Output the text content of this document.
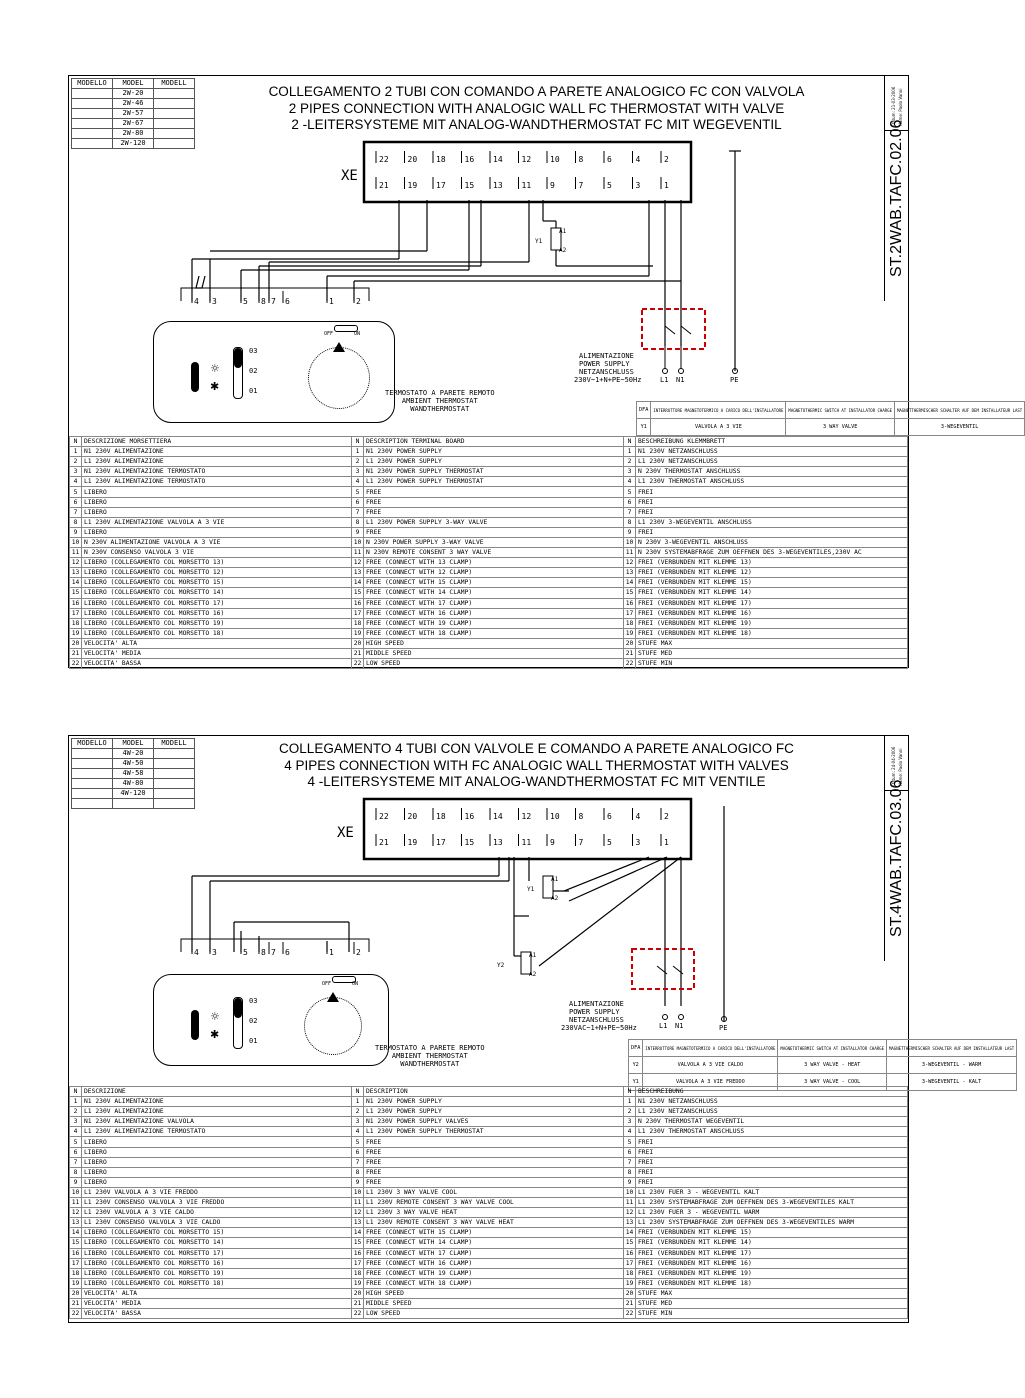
MODELLO	MODEL	MODELL
	2W-20	
	2W-46	
	2W-57	
	2W-67	
	2W-80	
	2W-120	
COLLEGAMENTO 2 TUBI CON COMANDO A PARETE ANALOGICO FC CON VALVOLA
2 PIPES CONNECTION WITH ANALOGIC WALL FC THERMOSTAT WITH VALVE
2 -LEITERSYSTEME MIT ANALOG-WANDTHERMOSTAT FC MIT WEGEVENTIL	Datum: 21-03-2006 Name: Paolo Vanni
ST.2WAB.TAFC.02.06
XE
22 20 18 16 14 12 10 8	6	4	2
21 19 17 15 13 11 9	7	5	3	1
Y1
A1
A2
ALIMENTAZIONE
POWER SUPPLY
NETZANSCHLUSS
230V~1+N+PE~50Hz	L1 N1	PE
4 3	5 8 7 6	1	2
☼
✱
03
02
01
OFF	ON
TERMOSTATO A PARETE REMOTO
AMBIENT THERMOSTAT
WANDTHERMOSTAT	DFA	INTERRUTTORE MAGNETOTERMICO A CARICO DELL'INSTALLATORE	MAGNETOTHERMIC SWITCH AT INSTALLATOR CHARGE	MAGNETTHERMISCHER SCHALTER AUF DEM INSTALLATEUR LAST
Y1	VALVOLA A 3 VIE	3 WAY VALVE	3-WEGEVENTIL
N	DESCRIZIONE MORSETTIERA	N	DESCRIPTION TERMINAL BOARD	N	BESCHREIBUNG KLEMMBRETT
1	N1 230V ALIMENTAZIONE	1	N1 230V POWER SUPPLY	1	N1 230V NETZANSCHLUSS
2	L1 230V ALIMENTAZIONE	2	L1 230V POWER SUPPLY	2	L1 230V NETZANSCHLUSS
3	N1 230V ALIMENTAZIONE TERMOSTATO	3	N1 230V POWER SUPPLY THERMOSTAT	3	N 230V THERMOSTAT ANSCHLUSS
4	L1 230V ALIMENTAZIONE TERMOSTATO	4	L1 230V POWER SUPPLY THERMOSTAT	4	L1 230V THERMOSTAT ANSCHLUSS
5	LIBERO	5	FREE	5	FREI
6	LIBERO	6	FREE	6	FREI
7	LIBERO	7	FREE	7	FREI
8	L1 230V ALIMENTAZIONE VALVOLA A 3 VIE	8	L1 230V POWER SUPPLY 3-WAY VALVE	8	L1 230V 3-WEGEVENTIL ANSCHLUSS
9	LIBERO	9	FREE	9	FREI
10	N 230V ALIMENTAZIONE VALVOLA A 3 VIE	10	N 230V POWER SUPPLY 3-WAY VALVE	10	N 230V 3-WEGEVENTIL ANSCHLUSS
11	N 230V CONSENSO VALVOLA 3 VIE	11	N 230V REMOTE CONSENT 3 WAY VALVE	11	N 230V SYSTEMABFRAGE ZUM OEFFNEN DES 3-WEGEVENTILES,230V AC
12	LIBERO (COLLEGAMENTO COL MORSETTO 13)	12	FREE (CONNECT WITH 13 CLAMP)	12	FREI (VERBUNDEN MIT KLEMME 13)
13	LIBERO (COLLEGAMENTO COL MORSETTO 12)	13	FREE (CONNECT WITH 12 CLAMP)	13	FREI (VERBUNDEN MIT KLEMME 12)
14	LIBERO (COLLEGAMENTO COL MORSETTO 15)	14	FREE (CONNECT WITH 15 CLAMP)	14	FREI (VERBUNDEN MIT KLEMME 15)
15	LIBERO (COLLEGAMENTO COL MORSETTO 14)	15	FREE (CONNECT WITH 14 CLAMP)	15	FREI (VERBUNDEN MIT KLEMME 14)
16	LIBERO (COLLEGAMENTO COL MORSETTO 17)	16	FREE (CONNECT WITH 17 CLAMP)	16	FREI (VERBUNDEN MIT KLEMME 17)
17	LIBERO (COLLEGAMENTO COL MORSETTO 16)	17	FREE (CONNECT WITH 16 CLAMP)	17	FREI (VERBUNDEN MIT KLEMME 16)
18	LIBERO (COLLEGAMENTO COL MORSETTO 19)	18	FREE (CONNECT WITH 19 CLAMP)	18	FREI (VERBUNDEN MIT KLEMME 19)
19	LIBERO (COLLEGAMENTO COL MORSETTO 18)	19	FREE (CONNECT WITH 18 CLAMP)	19	FREI (VERBUNDEN MIT KLEMME 18)
20	VELOCITA' ALTA	20	HIGH SPEED	20	STUFE MAX
21	VELOCITA' MEDIA	21	MIDDLE SPEED	21	STUFE MED
22	VELOCITA' BASSA	22	LOW SPEED	22	STUFE MIN
MODELLO	MODEL	MODELL
	4W-20	
	4W-50	
	4W-58	
	4W-80	
	4W-120	

COLLEGAMENTO 4 TUBI CON VALVOLE E COMANDO A PARETE ANALOGICO FC
4 PIPES CONNECTION WITH FC ANALOGIC WALL THERMOSTAT WITH VALVES
4 -LEITERSYSTEME MIT ANALOG-WANDTHERMOSTAT FC MIT VENTILE	Datum: 24-04-2006 Name: Paolo Vanni
ST.4WAB.TAFC.03.06
XE
22 20 18 16 14 12 10 8	6	4	2
21 19 17 15 13 11 9	7	5	3	1
Y1
A1
A2
Y2
A1
A2
ALIMENTAZIONE
POWER SUPPLY
NETZANSCHLUSS
230VAC~1+N+PE~50Hz	L1 N1	PE
4 3	5 8 7 6	1	2
☼
✱
03
02
01
OFF	ON
TERMOSTATO A PARETE REMOTO
AMBIENT THERMOSTAT
WANDTHERMOSTAT
DFA	INTERRUTTORE MAGNETOTERMICO A CARICO DELL'INSTALLATORE	MAGNETOTHERMIC SWITCH AT INSTALLATOR CHARGE	MAGNETTHERMISCHER SCHALTER AUF DEM INSTALLATEUR LAST
Y2	VALVOLA A 3 VIE CALDO	3 WAY VALVE - HEAT	3-WEGEVENTIL - WARM
Y1	VALVOLA A 3 VIE FREDDO	3 WAY VALVE - COOL	3-WEGEVENTIL - KALT
N	DESCRIZIONE	N	DESCRIPTION	N	BESCHREIBUNG
1	N1 230V ALIMENTAZIONE	1	N1 230V POWER SUPPLY	1	N1 230V NETZANSCHLUSS
2	L1 230V ALIMENTAZIONE	2	L1 230V POWER SUPPLY	2	L1 230V NETZANSCHLUSS
3	N1 230V ALIMENTAZIONE VALVOLA	3	N1 230V POWER SUPPLY VALVES	3	N 230V THERMOSTAT WEGEVENTIL
4	L1 230V ALIMENTAZIONE TERMOSTATO	4	L1 230V POWER SUPPLY THERMOSTAT	4	L1 230V THERMOSTAT ANSCHLUSS
5	LIBERO	5	FREE	5	FREI
6	LIBERO	6	FREE	6	FREI
7	LIBERO	7	FREE	7	FREI
8	LIBERO	8	FREE	8	FREI
9	LIBERO	9	FREE	9	FREI
10	L1 230V VALVOLA A 3 VIE FREDDO	10	L1 230V 3 WAY VALVE COOL	10	L1 230V FUER 3 - WEGEVENTIL KALT
11	L1 230V CONSENSO VALVOLA 3 VIE FREDDO	11	L1 230V REMOTE CONSENT 3 WAY VALVE COOL	11	L1 230V SYSTEMABFRAGE ZUM OEFFNEN DES 3-WEGEVENTILES KALT
12	L1 230V VALVOLA A 3 VIE CALDO	12	L1 230V 3 WAY VALVE HEAT	12	L1 230V FUER 3 - WEGEVENTIL WARM
13	L1 230V CONSENSO VALVOLA 3 VIE CALDO	13	L1 230V REMOTE CONSENT 3 WAY VALVE HEAT	13	L1 230V SYSTEMABFRAGE ZUM OEFFNEN DES 3-WEGEVENTILES WARM
14	LIBERO (COLLEGAMENTO COL MORSETTO 15)	14	FREE (CONNECT WITH 15 CLAMP)	14	FREI (VERBUNDEN MIT KLEMME 15)
15	LIBERO (COLLEGAMENTO COL MORSETTO 14)	15	FREE (CONNECT WITH 14 CLAMP)	15	FREI (VERBUNDEN MIT KLEMME 14)
16	LIBERO (COLLEGAMENTO COL MORSETTO 17)	16	FREE (CONNECT WITH 17 CLAMP)	16	FREI (VERBUNDEN MIT KLEMME 17)
17	LIBERO (COLLEGAMENTO COL MORSETTO 16)	17	FREE (CONNECT WITH 16 CLAMP)	17	FREI (VERBUNDEN MIT KLEMME 16)
18	LIBERO (COLLEGAMENTO COL MORSETTO 19)	18	FREE (CONNECT WITH 19 CLAMP)	18	FREI (VERBUNDEN MIT KLEMME 19)
19	LIBERO (COLLEGAMENTO COL MORSETTO 18)	19	FREE (CONNECT WITH 18 CLAMP)	19	FREI (VERBUNDEN MIT KLEMME 18)
20	VELOCITA' ALTA	20	HIGH SPEED	20	STUFE MAX
21	VELOCITA' MEDIA	21	MIDDLE SPEED	21	STUFE MED
22	VELOCITA' BASSA	22	LOW SPEED	22	STUFE MIN
